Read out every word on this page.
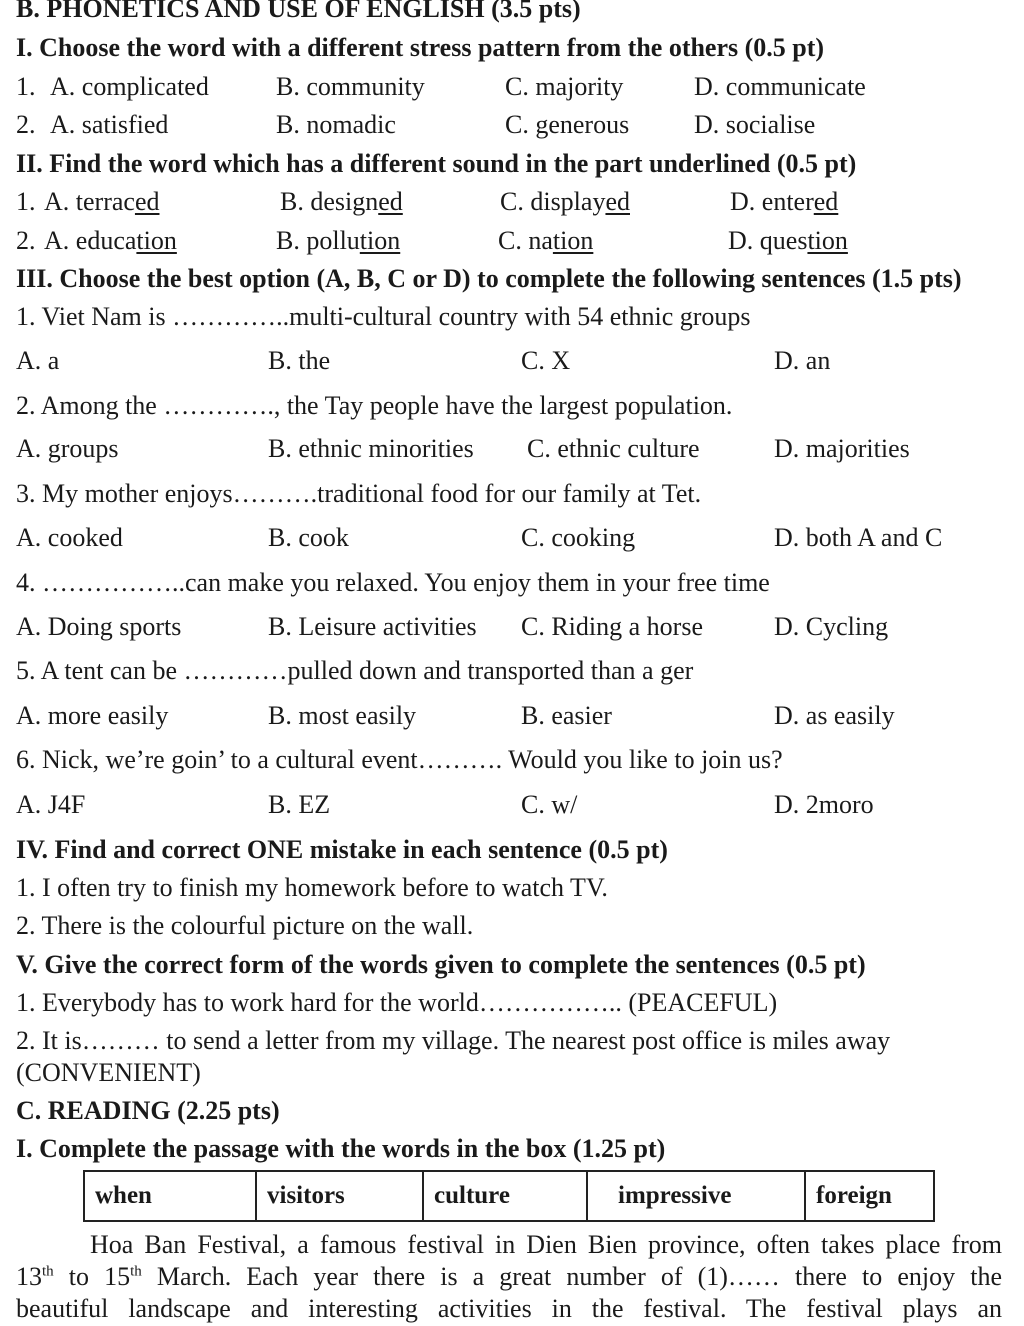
B. PHONETICS AND USE OF ENGLISH (3.5 pts)
I. Choose the word with a different stress pattern from the others (0.5 pt)
1. A. complicated	B. community	C. majority	D. communicate
2. A. satisfied	B. nomadic	C. generous D. socialise
II. Find the word which has a different sound in the part underlined (0.5 pt)
1. A. terraced	B. designed	C. displayed	D. entered
2. A. education	B. pollution	C. nation	D. question
III. Choose the best option (A, B, C or D) to complete the following sentences (1.5 pts)
1. Viet Nam is …………..multi-cultural country with 54 ethnic groups
A. a	B. the	C. X	D. an
2. Among the …………., the Tay people have the largest population.
A. groups	B. ethnic minorities C. ethnic culture	D. majorities
3. My mother enjoys……….traditional food for our family at Tet.
A. cooked	B. cook	C. cooking	D. both A and C
4. ……………..can make you relaxed. You enjoy them in your free time
A. Doing sports	B. Leisure activities C. Riding a horse	D. Cycling
5. A tent can be …………pulled down and transported than a ger
A. more easily	B. most easily	B. easier	D. as easily
6. Nick, we’re goin’ to a cultural event………. Would you like to join us?
A. J4F	B. EZ	C. w/	D. 2moro
IV. Find and correct ONE mistake in each sentence (0.5 pt)
1. I often try to finish my homework before to watch TV.
2. There is the colourful picture on the wall.
V. Give the correct form of the words given to complete the sentences (0.5 pt)
1. Everybody has to work hard for the world…………….. (PEACEFUL)
2. It is……… to send a letter from my village. The nearest post office is miles away
(CONVENIENT)
C. READING (2.25 pts)
I. Complete the passage with the words in the box (1.25 pt)
when	visitors	culture	impressive	foreign
Hoa Ban Festival, a famous festival in Dien Bien province, often takes place from
13th to 15th March. Each year there is a great number of (1)…… there to enjoy the
beautiful landscape and interesting activities in the festival. The festival plays an
